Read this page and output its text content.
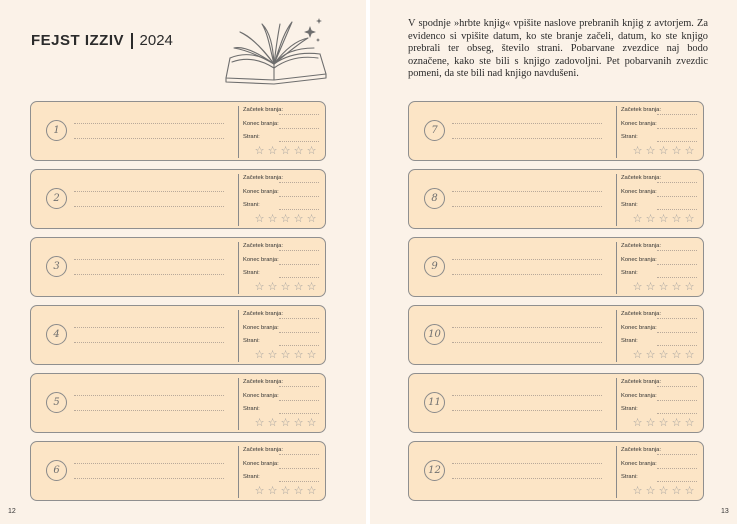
FEJST IZZIV 2024

V spodnje »hrbte knjig« vpišite naslove prebranih knjig z avtorjem. Za evidenco si vpišite datum, ko ste branje začeli, datum, ko ste knjigo prebrali ter obseg, število strani. Pobarvane zvezdice naj bodo označene, kako ste bili s knjigo zadovoljni. Pet pobarvanih zvezdic pomeni, da ste bili nad knjigo navdušeni.

1
Začetek branja:
Konec branja:
Strani:
☆ ☆ ☆ ☆ ☆
2
Začetek branja:
Konec branja:
Strani:
☆ ☆ ☆ ☆ ☆
3
Začetek branja:
Konec branja:
Strani:
☆ ☆ ☆ ☆ ☆
4
Začetek branja:
Konec branja:
Strani:
☆ ☆ ☆ ☆ ☆
5
Začetek branja:
Konec branja:
Strani:
☆ ☆ ☆ ☆ ☆
6
Začetek branja:
Konec branja:
Strani:
☆ ☆ ☆ ☆ ☆
7
Začetek branja:
Konec branja:
Strani:
☆ ☆ ☆ ☆ ☆
8
Začetek branja:
Konec branja:
Strani:
☆ ☆ ☆ ☆ ☆
9
Začetek branja:
Konec branja:
Strani:
☆ ☆ ☆ ☆ ☆
10
Začetek branja:
Konec branja:
Strani:
☆ ☆ ☆ ☆ ☆
11
Začetek branja:
Konec branja:
Strani:
☆ ☆ ☆ ☆ ☆
12
Začetek branja:
Konec branja:
Strani:
☆ ☆ ☆ ☆ ☆
12	13
